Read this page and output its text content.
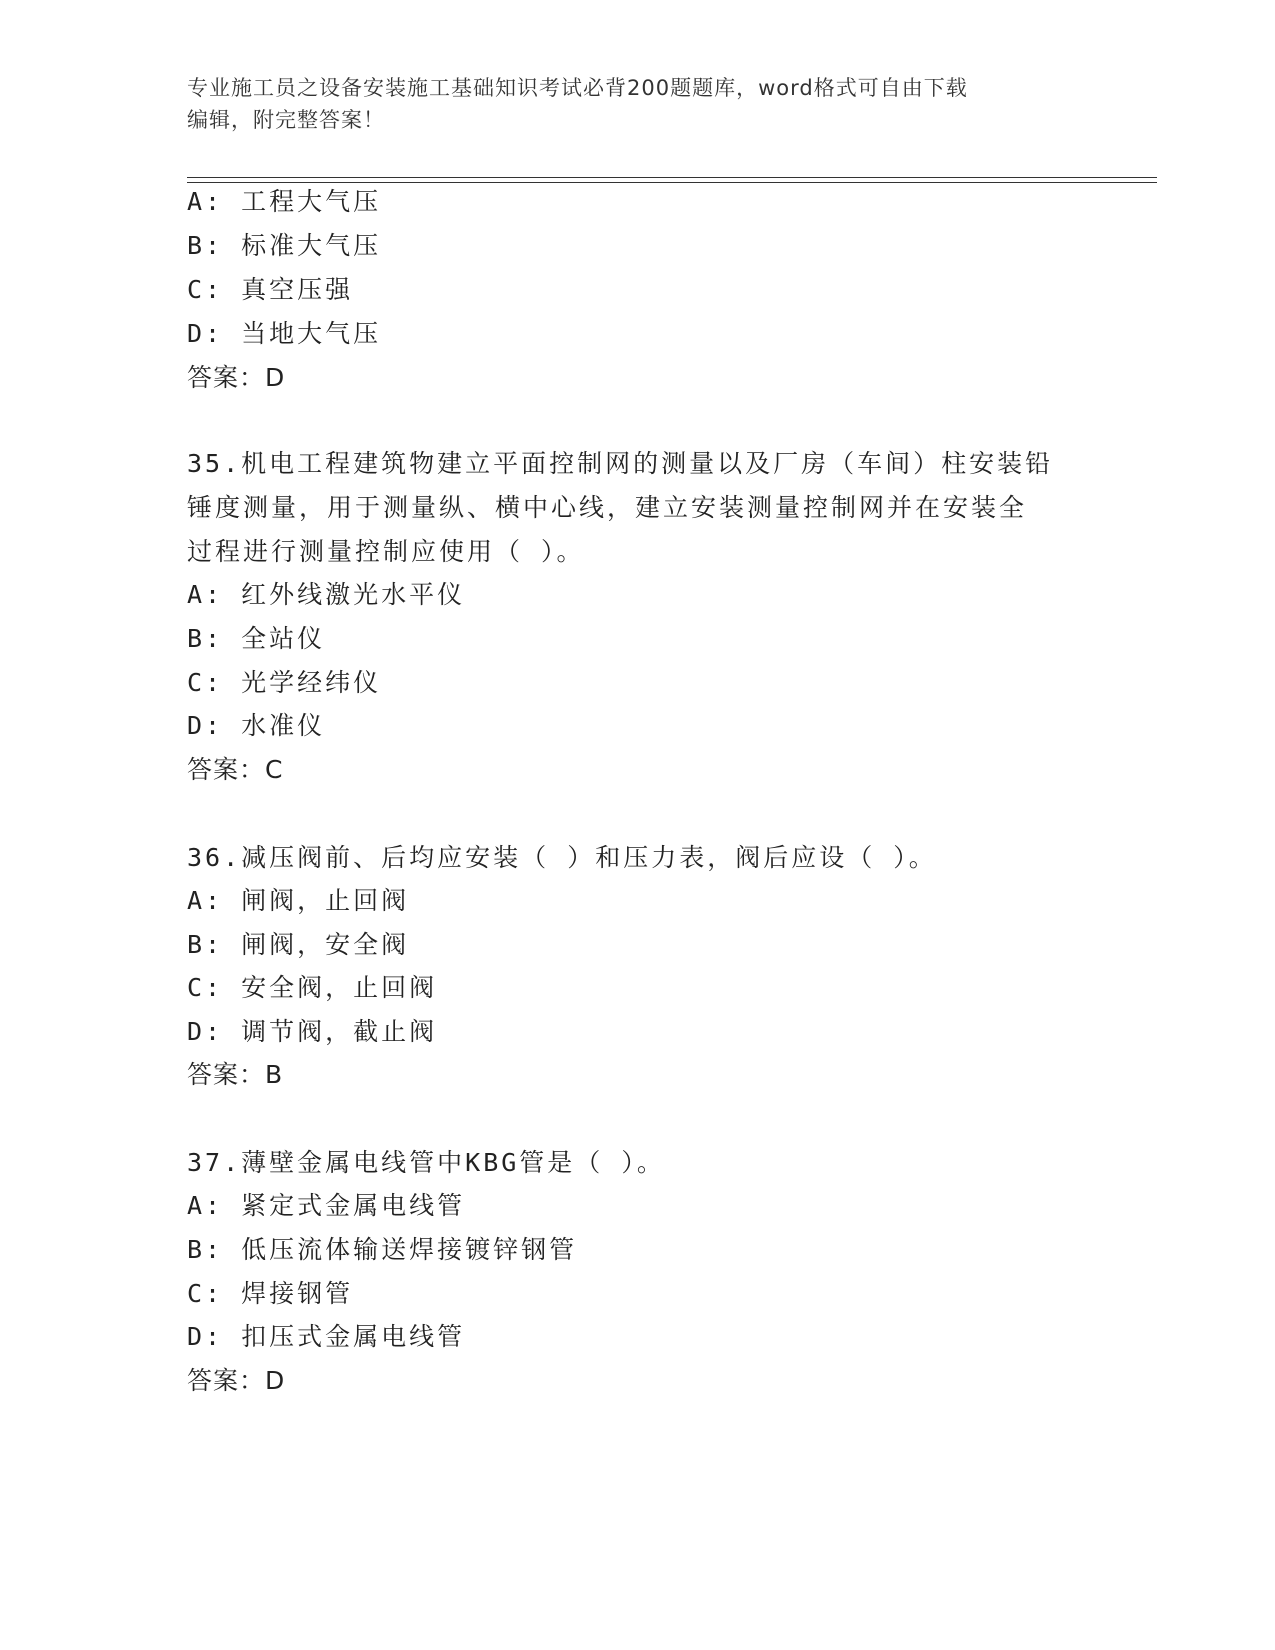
专业施工员之设备安装施工基础知识考试必背200题题库，word格式可自由下载
编辑，附完整答案！
A: 工程大气压
B: 标准大气压
C: 真空压强
D: 当地大气压
答案：D
35.机电工程建筑物建立平面控制网的测量以及厂房（车间）柱安装铅
锤度测量，用于测量纵、横中心线，建立安装测量控制网并在安装全
过程进行测量控制应使用（ ）。
A: 红外线激光水平仪
B: 全站仪
C: 光学经纬仪
D: 水准仪
答案：C
36.减压阀前、后均应安装（ ）和压力表，阀后应设（ ）。
A: 闸阀，止回阀
B: 闸阀，安全阀
C: 安全阀，止回阀
D: 调节阀，截止阀
答案：B
37.薄壁金属电线管中KBG管是（ ）。
A: 紧定式金属电线管
B: 低压流体输送焊接镀锌钢管
C: 焊接钢管
D: 扣压式金属电线管
答案：D
